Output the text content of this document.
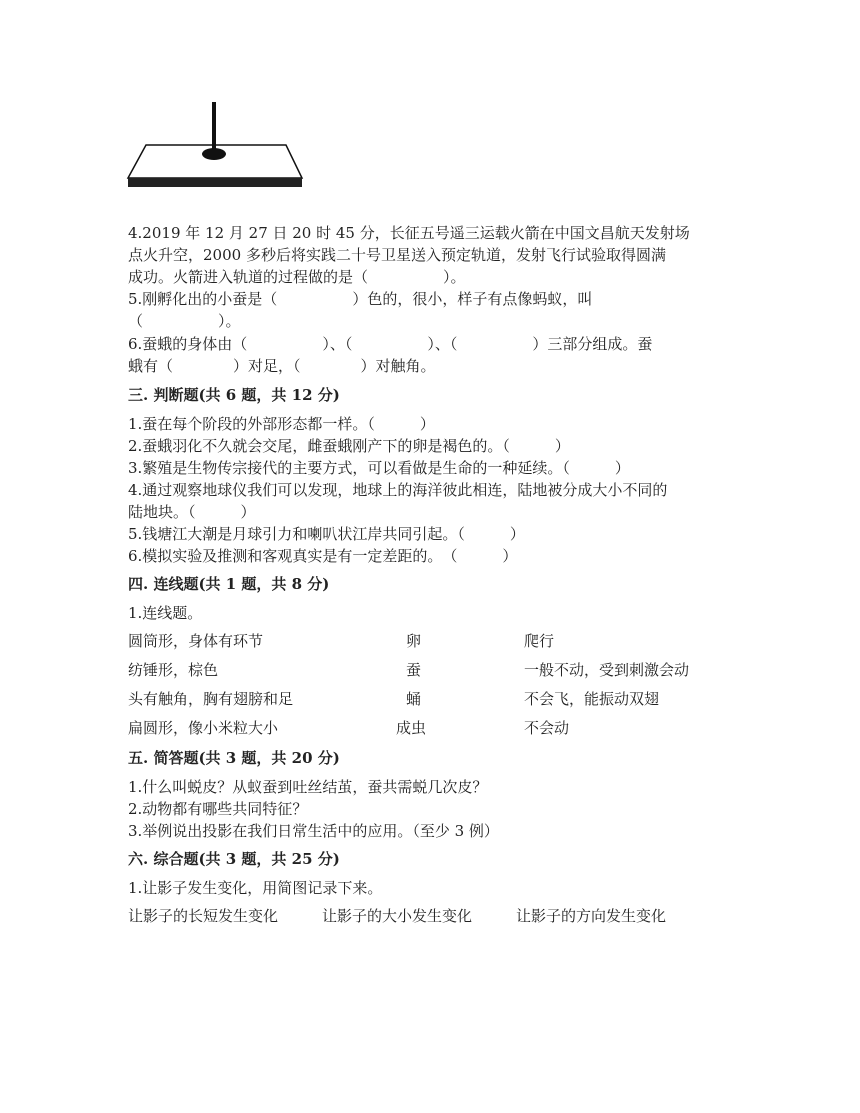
4.2019 年 12 月 27 日 20 时 45 分，长征五号遥三运载火箭在中国文昌航天发射场
点火升空，2000 多秒后将实践二十号卫星送入预定轨道，发射飞行试验取得圆满
成功。火箭进入轨道的过程做的是（　　　　　）。
5.刚孵化出的小蚕是（　　　　　）色的，很小，样子有点像蚂蚁，叫
（　　　　　）。
6.蚕蛾的身体由（　　　　　）、（　　　　　）、（　　　　　）三部分组成。蚕
蛾有（　　　　）对足，（　　　　）对触角。
三. 判断题(共 6 题，共 12 分)
1.蚕在每个阶段的外部形态都一样。（　　　）
2.蚕蛾羽化不久就会交尾，雌蚕蛾刚产下的卵是褐色的。（　　　）
3.繁殖是生物传宗接代的主要方式，可以看做是生命的一种延续。（　　　）
4.通过观察地球仪我们可以发现，地球上的海洋彼此相连，陆地被分成大小不同的
陆地块。（　　　）
5.钱塘江大潮是月球引力和喇叭状江岸共同引起。（　　　）
6.模拟实验及推测和客观真实是有一定差距的。　（　　　）
四. 连线题(共 1 题，共 8 分)
1.连线题。
圆筒形，身体有环节	卵	爬行
纺锤形，棕色	蚕	一般不动，受到刺激会动
头有触角，胸有翅膀和足	蛹	不会飞，能振动双翅
扁圆形，像小米粒大小	成虫	不会动
五. 简答题(共 3 题，共 20 分)
1.什么叫蜕皮？从蚁蚕到吐丝结茧，蚕共需蜕几次皮？
2.动物都有哪些共同特征？
3.举例说出投影在我们日常生活中的应用。（至少 3 例）
六. 综合题(共 3 题，共 25 分)
1.让影子发生变化，用简图记录下来。
让影子的长短发生变化	让影子的大小发生变化	让影子的方向发生变化
